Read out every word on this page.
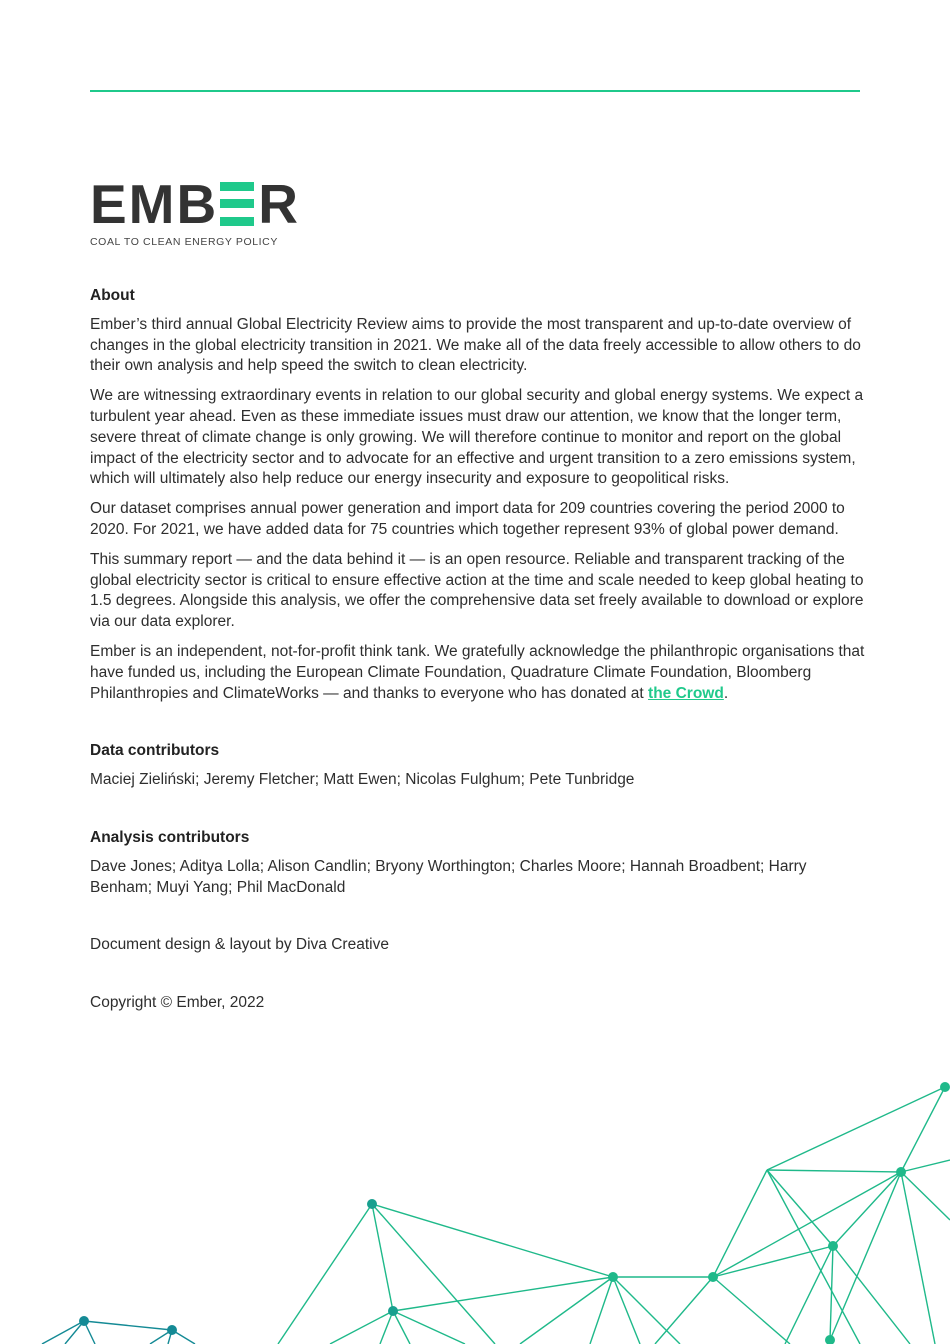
EMB R
COAL TO CLEAN ENERGY POLICY
About

Ember’s third annual Global Electricity Review aims to provide the most transparent and up-to-date overview of changes in the global electricity transition in 2021. We make all of the data freely accessible to allow others to do their own analysis and help speed the switch to clean electricity.

We are witnessing extraordinary events in relation to our global security and global energy systems. We expect a turbulent year ahead. Even as these immediate issues must draw our attention, we know that the longer term, severe threat of climate change is only growing. We will therefore continue to monitor and report on the global impact of the electricity sector and to advocate for an effective and urgent transition to a zero emissions system, which will ultimately also help reduce our energy insecurity and exposure to geopolitical risks.

Our dataset comprises annual power generation and import data for 209 countries covering the period 2000 to 2020. For 2021, we have added data for 75 countries which together represent 93% of global power demand.

This summary report — and the data behind it — is an open resource. Reliable and transparent tracking of the global electricity sector is critical to ensure effective action at the time and scale needed to keep global heating to 1.5 degrees. Alongside this analysis, we offer the comprehensive data set freely available to download or explore via our data explorer.

Ember is an independent, not-for-profit think tank. We gratefully acknowledge the philanthropic organisations that have funded us, including the European Climate Foundation, Quadrature Climate Foundation, Bloomberg Philanthropies and ClimateWorks — and thanks to everyone who has donated at the Crowd.

Data contributors

Maciej Zieliński; Jeremy Fletcher; Matt Ewen; Nicolas Fulghum; Pete Tunbridge

Analysis contributors

Dave Jones; Aditya Lolla; Alison Candlin; Bryony Worthington; Charles Moore; Hannah Broadbent; Harry Benham; Muyi Yang; Phil MacDonald

Document design & layout by Diva Creative

Copyright © Ember, 2022
